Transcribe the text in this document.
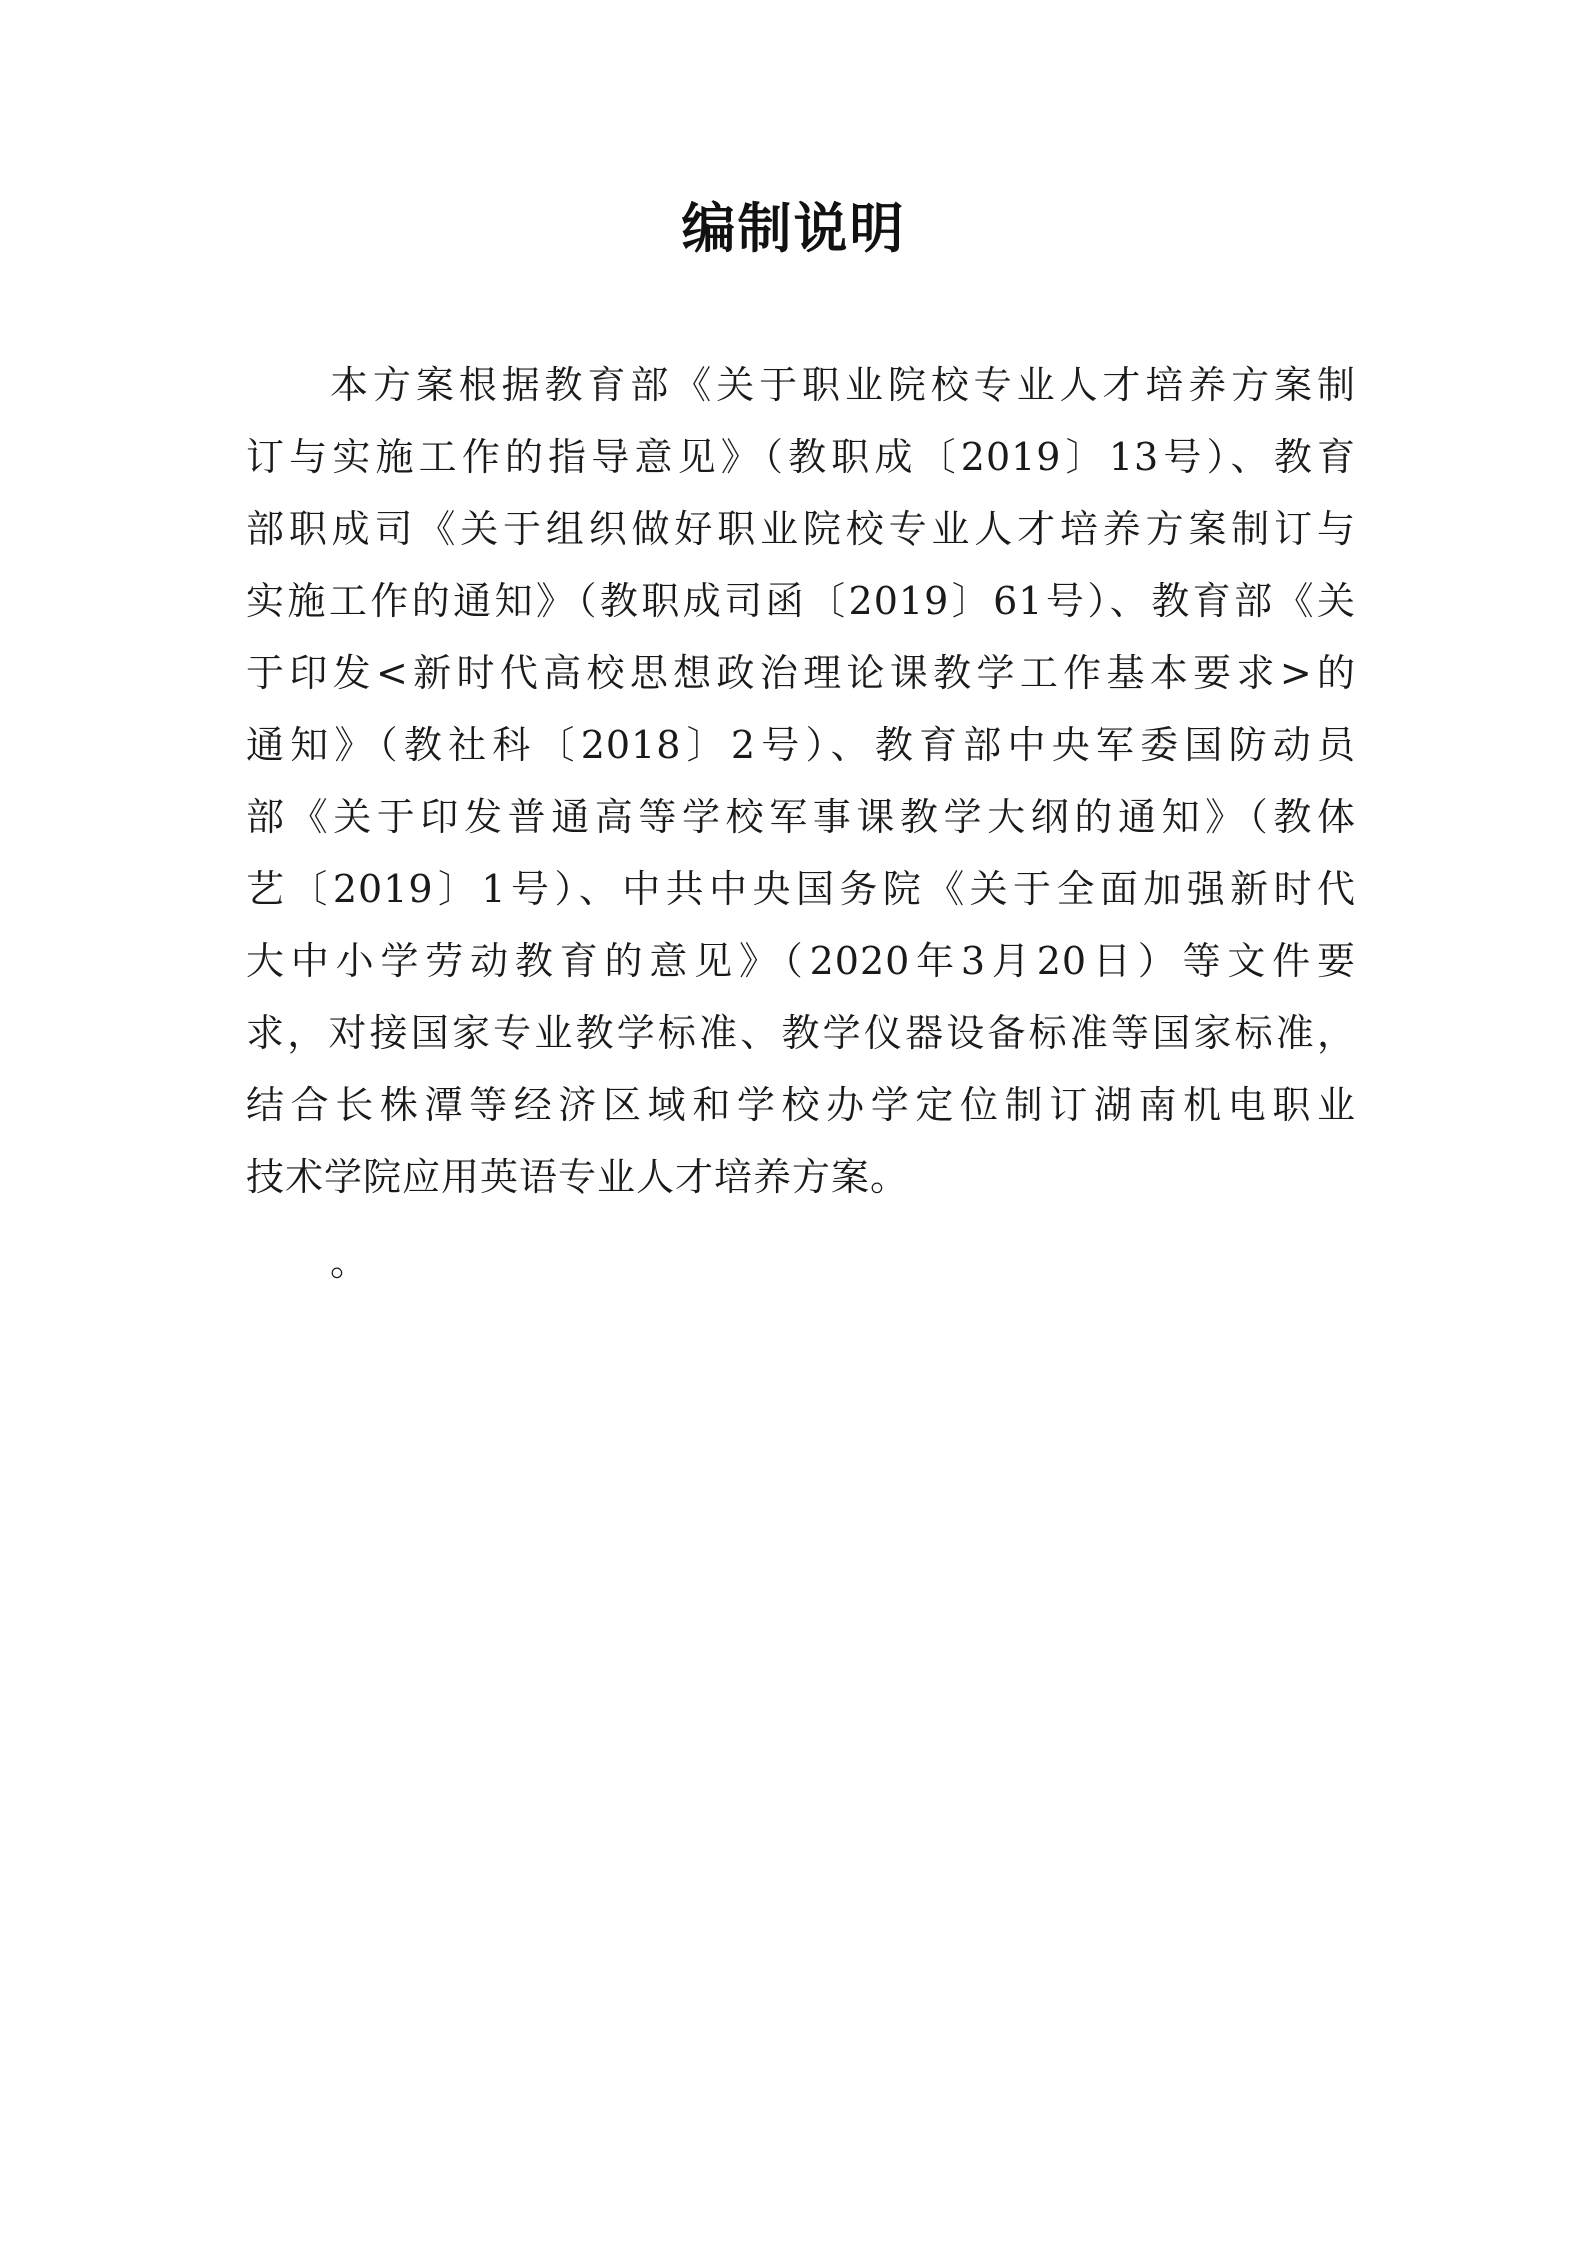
编制说明
本方案根据教育部《关于职业院校专业人才培养方案制
订与实施工作的指导意见》（教职成〔2019〕13号）、教育
部职成司《关于组织做好职业院校专业人才培养方案制订与
实施工作的通知》（教职成司函〔2019〕61号）、教育部《关
于印发<新时代高校思想政治理论课教学工作基本要求>的
通知》（教社科〔2018〕2号）、教育部中央军委国防动员
部《关于印发普通高等学校军事课教学大纲的通知》（教体
艺〔2019〕1号）、中共中央国务院《关于全面加强新时代
大中小学劳动教育的意见》（2020年3月20日）等文件要
求，对接国家专业教学标准、教学仪器设备标准等国家标准，
结合长株潭等经济区域和学校办学定位制订湖南机电职业
技术学院应用英语专业人才培养方案。
。
